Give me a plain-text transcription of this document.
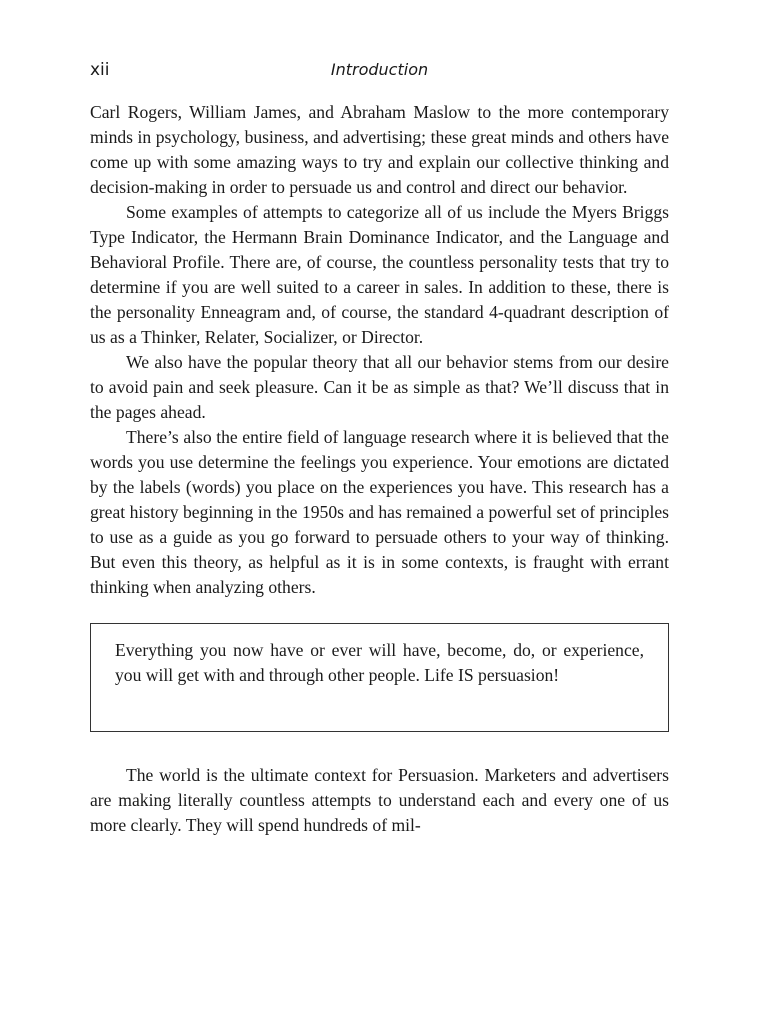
xii	Introduction

Carl Rogers, William James, and Abraham Maslow to the more contemporary minds in psychology, business, and advertising; these great minds and others have come up with some amazing ways to try and explain our collective thinking and decision-making in order to persuade us and control and direct our behavior.

Some examples of attempts to categorize all of us include the Myers Briggs Type Indicator, the Hermann Brain Dominance Indicator, and the Language and Behavioral Profile. There are, of course, the countless personality tests that try to determine if you are well suited to a career in sales. In addition to these, there is the personality Enneagram and, of course, the standard 4-quadrant description of us as a Thinker, Relater, Socializer, or Director.

We also have the popular theory that all our behavior stems from our desire to avoid pain and seek pleasure. Can it be as simple as that? We’ll discuss that in the pages ahead.

There’s also the entire field of language research where it is believed that the words you use determine the feelings you experience. Your emotions are dictated by the labels (words) you place on the experiences you have. This research has a great history beginning in the 1950s and has remained a powerful set of principles to use as a guide as you go forward to persuade others to your way of thinking. But even this theory, as helpful as it is in some contexts, is fraught with errant thinking when analyzing others.

Everything you now have or ever will have, become, do, or experience, you will get with and through other people. Life IS persuasion!

The world is the ultimate context for Persuasion. Marketers and advertisers are making literally countless attempts to understand each and every one of us more clearly. They will spend hundreds of mil-
